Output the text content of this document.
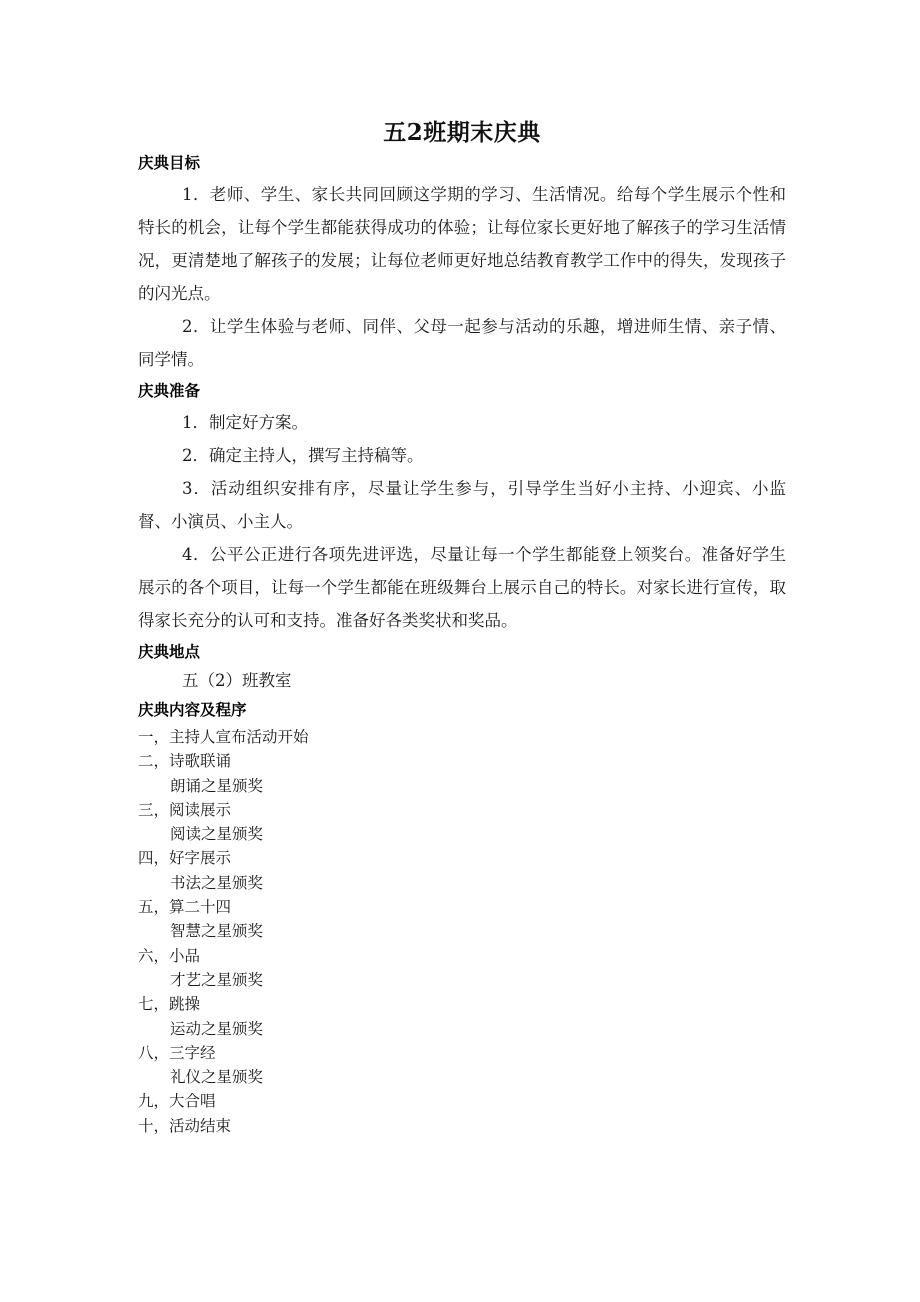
五2班期末庆典
庆典目标

1．老师、学生、家长共同回顾这学期的学习、生活情况。给每个学生展示个性和特长的机会，让每个学生都能获得成功的体验；让每位家长更好地了解孩子的学习生活情况，更清楚地了解孩子的发展；让每位老师更好地总结教育教学工作中的得失，发现孩子的闪光点。

2．让学生体验与老师、同伴、父母一起参与活动的乐趣，增进师生情、亲子情、同学情。

庆典准备

1．制定好方案。

2．确定主持人，撰写主持稿等。

3．活动组织安排有序，尽量让学生参与，引导学生当好小主持、小迎宾、小监督、小演员、小主人。

4．公平公正进行各项先进评选，尽量让每一个学生都能登上领奖台。准备好学生展示的各个项目，让每一个学生都能在班级舞台上展示自己的特长。对家长进行宣传，取得家长充分的认可和支持。准备好各类奖状和奖品。

庆典地点

五（2）班教室

庆典内容及程序
一，主持人宣布活动开始
二，诗歌联诵
朗诵之星颁奖
三，阅读展示
阅读之星颁奖
四，好字展示
书法之星颁奖
五，算二十四
智慧之星颁奖
六，小品
才艺之星颁奖
七，跳操
运动之星颁奖
八，三字经
礼仪之星颁奖
九，大合唱
十，活动结束
